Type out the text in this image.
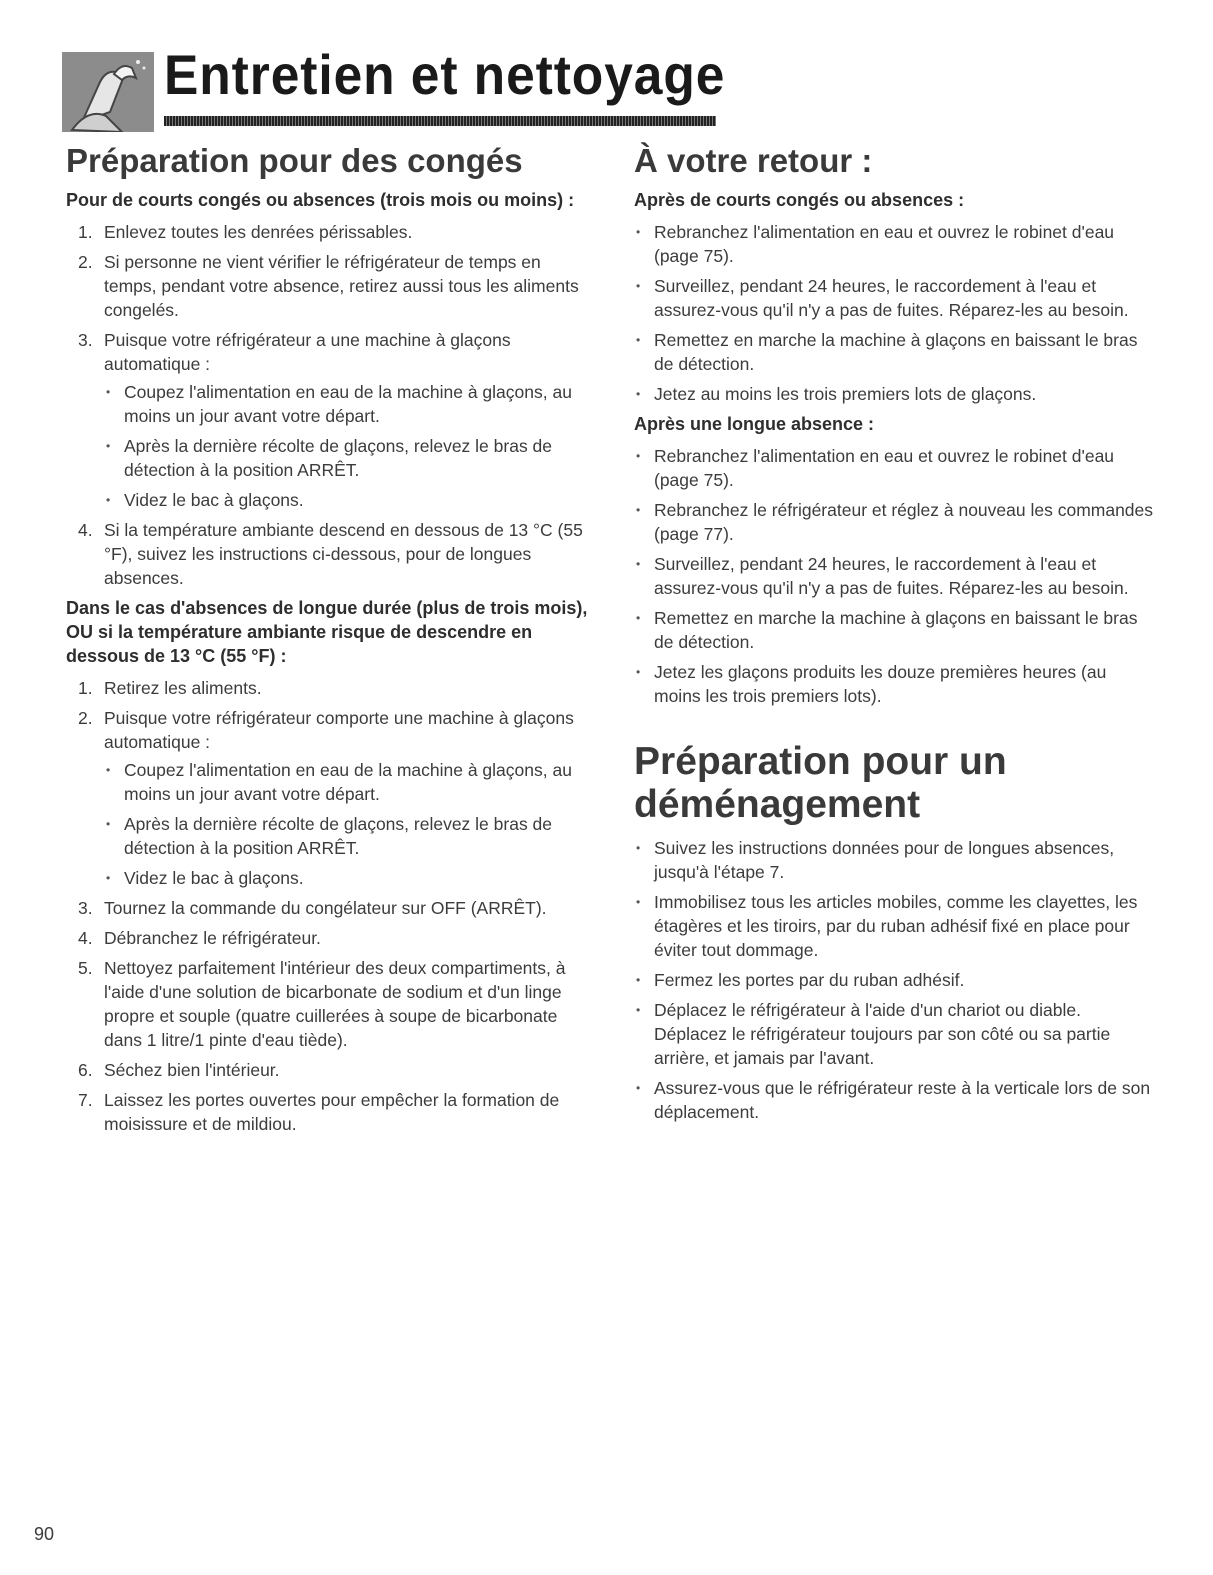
Entretien et nettoyage
Préparation pour des congés
Pour de courts congés ou absences (trois mois ou moins) :
1. Enlevez toutes les denrées périssables.
2. Si personne ne vient vérifier le réfrigérateur de temps en temps, pendant votre absence, retirez aussi tous les aliments congelés.
3. Puisque votre réfrigérateur a une machine à glaçons automatique :
• Coupez l'alimentation en eau de la machine à glaçons, au moins un jour avant votre départ.
• Après la dernière récolte de glaçons, relevez le bras de détection à la position ARRÊT.
• Videz le bac à glaçons.
4. Si la température ambiante descend en dessous de 13 °C (55 °F), suivez les instructions ci-dessous, pour de longues absences.
Dans le cas d'absences de longue durée (plus de trois mois), OU si la température ambiante risque de descendre en dessous de 13 °C (55 °F) :
1. Retirez les aliments.
2. Puisque votre réfrigérateur comporte une machine à glaçons automatique :
• Coupez l'alimentation en eau de la machine à glaçons, au moins un jour avant votre départ.
• Après la dernière récolte de glaçons, relevez le bras de détection à la position ARRÊT.
• Videz le bac à glaçons.
3. Tournez la commande du congélateur sur OFF (ARRÊT).
4. Débranchez le réfrigérateur.
5. Nettoyez parfaitement l'intérieur des deux compartiments, à l'aide d'une solution de bicarbonate de sodium et d'un linge propre et souple (quatre cuillerées à soupe de bicarbonate dans 1 litre/1 pinte d'eau tiède).
6. Séchez bien l'intérieur.
7. Laissez les portes ouvertes pour empêcher la formation de moisissure et de mildiou.
À votre retour :
Après de courts congés ou absences :
• Rebranchez l'alimentation en eau et ouvrez le robinet d'eau (page 75).
• Surveillez, pendant 24 heures, le raccordement à l'eau et assurez-vous qu'il n'y a pas de fuites. Réparez-les au besoin.
• Remettez en marche la machine à glaçons en baissant le bras de détection.
• Jetez au moins les trois premiers lots de glaçons.
Après une longue absence :
• Rebranchez l'alimentation en eau et ouvrez le robinet d'eau (page 75).
• Rebranchez le réfrigérateur et réglez à nouveau les commandes (page 77).
• Surveillez, pendant 24 heures, le raccordement à l'eau et assurez-vous qu'il n'y a pas de fuites. Réparez-les au besoin.
• Remettez en marche la machine à glaçons en baissant le bras de détection.
• Jetez les glaçons produits les douze premières heures (au moins les trois premiers lots).
Préparation pour un déménagement
• Suivez les instructions données pour de longues absences, jusqu'à l'étape 7.
• Immobilisez tous les articles mobiles, comme les clayettes, les étagères et les tiroirs, par du ruban adhésif fixé en place pour éviter tout dommage.
• Fermez les portes par du ruban adhésif.
• Déplacez le réfrigérateur à l'aide d'un chariot ou diable. Déplacez le réfrigérateur toujours par son côté ou sa partie arrière, et jamais par l'avant.
• Assurez-vous que le réfrigérateur reste à la verticale lors de son déplacement.
90
